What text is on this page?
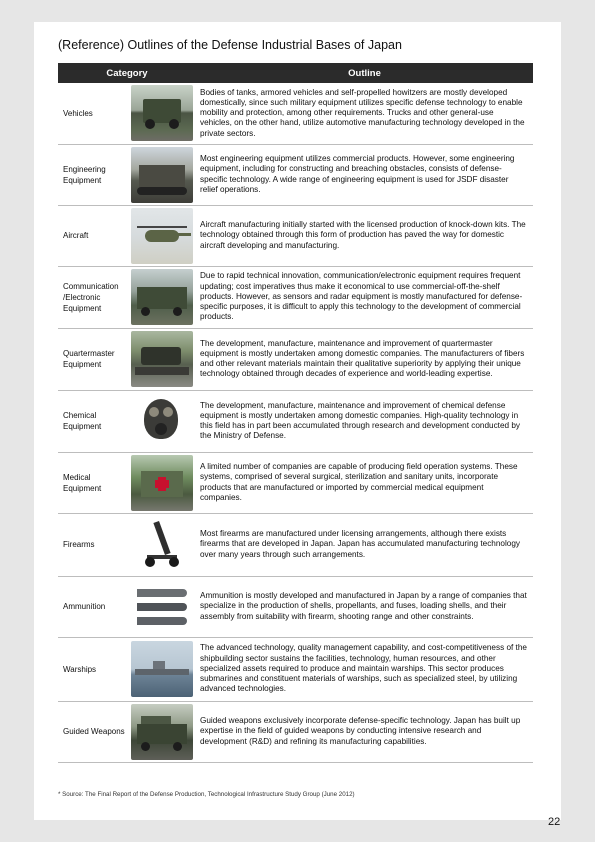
(Reference) Outlines of the Defense Industrial Bases of Japan
Category		Outline
Vehicles		Bodies of tanks, armored vehicles and self-propelled howitzers are mostly developed domestically, since such military equipment utilizes specific defense technology to enable mobility and protection, among other requirements. Trucks and other general-use vehicles, on the other hand, utilize automotive manufacturing technology developed in the private sectors.
Engineering Equipment		Most engineering equipment utilizes commercial products. However, some engineering equipment, including for constructing and breaching obstacles, consists of defense-specific technology. A wide range of engineering equipment is used for JSDF disaster relief operations.
Aircraft		Aircraft manufacturing initially started with the licensed production of knock-down kits. The technology obtained through this form of production has paved the way for domestic aircraft developing and manufacturing.
Communication /Electronic Equipment		Due to rapid technical innovation, communication/electronic equipment requires frequent updating; cost imperatives thus make it economical to use commercial-off-the-shelf products. However, as sensors and radar equipment is mostly manufactured for defense-specific purposes, it is difficult to apply this technology to the development of commercial products.
Quartermaster Equipment		The development, manufacture, maintenance and improvement of quartermaster equipment is mostly undertaken among domestic companies. The manufacturers of fibers and other relevant materials maintain their qualitative superiority by applying their unique technology obtained through decades of experience and world-leading expertise.
Chemical Equipment		The development, manufacture, maintenance and improvement of chemical defense equipment is mostly undertaken among domestic companies. High-quality technology in this field has in part been accumulated through research and development conducted by the Ministry of Defense.
Medical Equipment		A limited number of companies are capable of producing field operation systems. These systems, comprised of several surgical, sterilization and sanitary units, incorporate products that are manufactured or imported by commercial medical equipment companies.
Firearms		Most firearms are manufactured under licensing arrangements, although there exists firearms that are developed in Japan. Japan has accumulated manufacturing technology over many years through such arrangements.
Ammunition		Ammunition is mostly developed and manufactured in Japan by a range of companies that specialize in the production of shells, propellants, and fuses, loading shells, and their assembly from suitability with firearm, shooting range and other constraints.
Warships		The advanced technology, quality management capability, and cost-competitiveness of the shipbuilding sector sustains the facilities, technology, human resources, and other specialized assets required to produce and maintain warships. This sector produces submarines and constituent materials of warships, such as specialized steel, by utilizing advanced technologies.
Guided Weapons		Guided weapons exclusively incorporate defense-specific technology. Japan has built up expertise in the field of guided weapons by conducting intensive research and development (R&D) and refining its manufacturing capabilities.
* Source: The Final Report of the Defense Production, Technological Infrastructure Study Group (June 2012)
22
